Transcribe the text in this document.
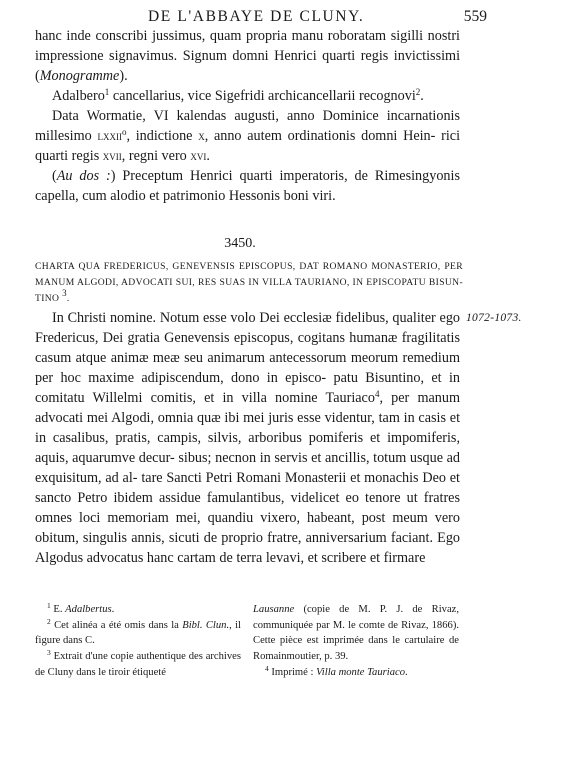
DE L'ABBAYE DE CLUNY.	559

hanc inde conscribi jussimus, quam propria manu roboratam sigilli nostri impressione signavimus. Signum domni Henrici quarti regis invictissimi (Monogramme).

Adalbero$^1$ cancellarius, vice Sigefridi archicancellarii recognovi$^2$.

Data Wormatie, VI kalendas augusti, anno Dominice incarnationis millesimo lxxii$^o$, indictione x, anno autem ordinationis domni Hein- rici quarti regis xvii, regni vero xvi.

(Au dos :) Preceptum Henrici quarti imperatoris, de Rimesingyonis capella, cum alodio et patrimonio Hessonis boni viri.

3450.
CHARTA QUA FREDERICUS, GENEVENSIS EPISCOPUS, DAT ROMANO MONASTERIO, PER MANUM ALGODI, ADVOCATI SUI, RES SUAS IN VILLA TAURIANO, IN EPISCOPATU BISUN- TINO $^3$.
1072-1073.

In Christi nomine. Notum esse volo Dei ecclesiæ fidelibus, qualiter ego Fredericus, Dei gratia Genevensis episcopus, cogitans humanæ fragilitatis casum atque animæ meæ seu animarum antecessorum meorum remedium per hoc maxime adipiscendum, dono in episco- patu Bisuntino, et in comitatu Willelmi comitis, et in villa nomine Tauriaco$^4$, per manum advocati mei Algodi, omnia quæ ibi mei juris esse videntur, tam in casis et in casalibus, pratis, campis, silvis, arboribus pomiferis et impomiferis, aquis, aquarumve decur- sibus; necnon in servis et ancillis, totum usque ad exquisitum, ad al- tare Sancti Petri Romani Monasterii et monachis Deo et sancto Petro ibidem assidue famulantibus, videlicet eo tenore ut fratres omnes loci memoriam mei, quandiu vixero, habeant, post meum vero obitum, singulis annis, sicuti de proprio fratre, anniversarium faciant. Ego Algodus advocatus hanc cartam de terra levavi, et scribere et firmare

$^1$ E. Adalbertus.

$^2$ Cet alinéa a été omis dans la Bibl. Clun., il figure dans C.

$^3$ Extrait d'une copie authentique des archives de Cluny dans le tiroir étiqueté

Lausanne (copie de M. P. J. de Rivaz, communiquée par M. le comte de Rivaz, 1866). Cette pièce est imprimée dans le cartulaire de Romainmoutier, p. 39.

$^4$ Imprimé : Villa monte Tauriaco.
